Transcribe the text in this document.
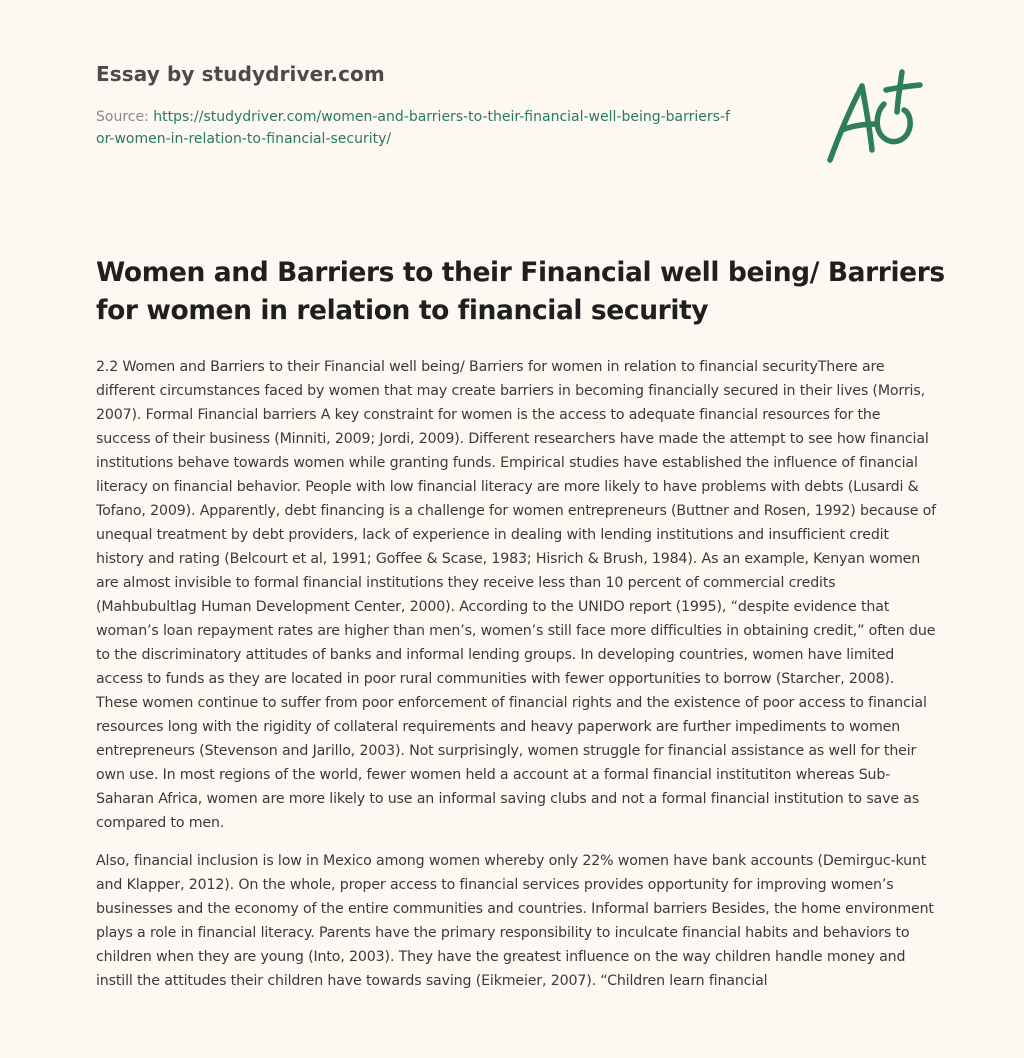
Essay by studydriver.com
Source: https://studydriver.com/women-and-barriers-to-their-financial-well-being-barriers-for-women-in-relation-to-financial-security/
Women and Barriers to their Financial well being/ Barriers for women in relation to financial security

2.2 Women and Barriers to their Financial well being/ Barriers for women in relation to financial securityThere are different circumstances faced by women that may create barriers in becoming financially secured in their lives (Morris, 2007). Formal Financial barriers A key constraint for women is the access to adequate financial resources for the success of their business (Minniti, 2009; Jordi, 2009). Different researchers have made the attempt to see how financial institutions behave towards women while granting funds. Empirical studies have established the influence of financial literacy on financial behavior. People with low financial literacy are more likely to have problems with debts (Lusardi & Tofano, 2009). Apparently, debt financing is a challenge for women entrepreneurs (Buttner and Rosen, 1992) because of unequal treatment by debt providers, lack of experience in dealing with lending institutions and insufficient credit history and rating (Belcourt et al, 1991; Goffee & Scase, 1983; Hisrich & Brush, 1984). As an example, Kenyan women are almost invisible to formal financial institutions they receive less than 10 percent of commercial credits (Mahbubultlag Human Development Center, 2000). According to the UNIDO report (1995), “despite evidence that woman’s loan repayment rates are higher than men’s, women’s still face more difficulties in obtaining credit,” often due to the discriminatory attitudes of banks and informal lending groups. In developing countries, women have limited access to funds as they are located in poor rural communities with fewer opportunities to borrow (Starcher, 2008). These women continue to suffer from poor enforcement of financial rights and the existence of poor access to financial resources long with the rigidity of collateral requirements and heavy paperwork are further impediments to women entrepreneurs (Stevenson and Jarillo, 2003). Not surprisingly, women struggle for financial assistance as well for their own use. In most regions of the world, fewer women held a account at a formal financial institutiton whereas Sub-Saharan Africa, women are more likely to use an informal saving clubs and not a formal financial institution to save as compared to men.

Also, financial inclusion is low in Mexico among women whereby only 22% women have bank accounts (Demirguc-kunt and Klapper, 2012). On the whole, proper access to financial services provides opportunity for improving women’s businesses and the economy of the entire communities and countries. Informal barriers Besides, the home environment plays a role in financial literacy. Parents have the primary responsibility to inculcate financial habits and behaviors to children when they are young (Into, 2003). They have the greatest influence on the way children handle money and instill the attitudes their children have towards saving (Eikmeier, 2007). “Children learn financial
